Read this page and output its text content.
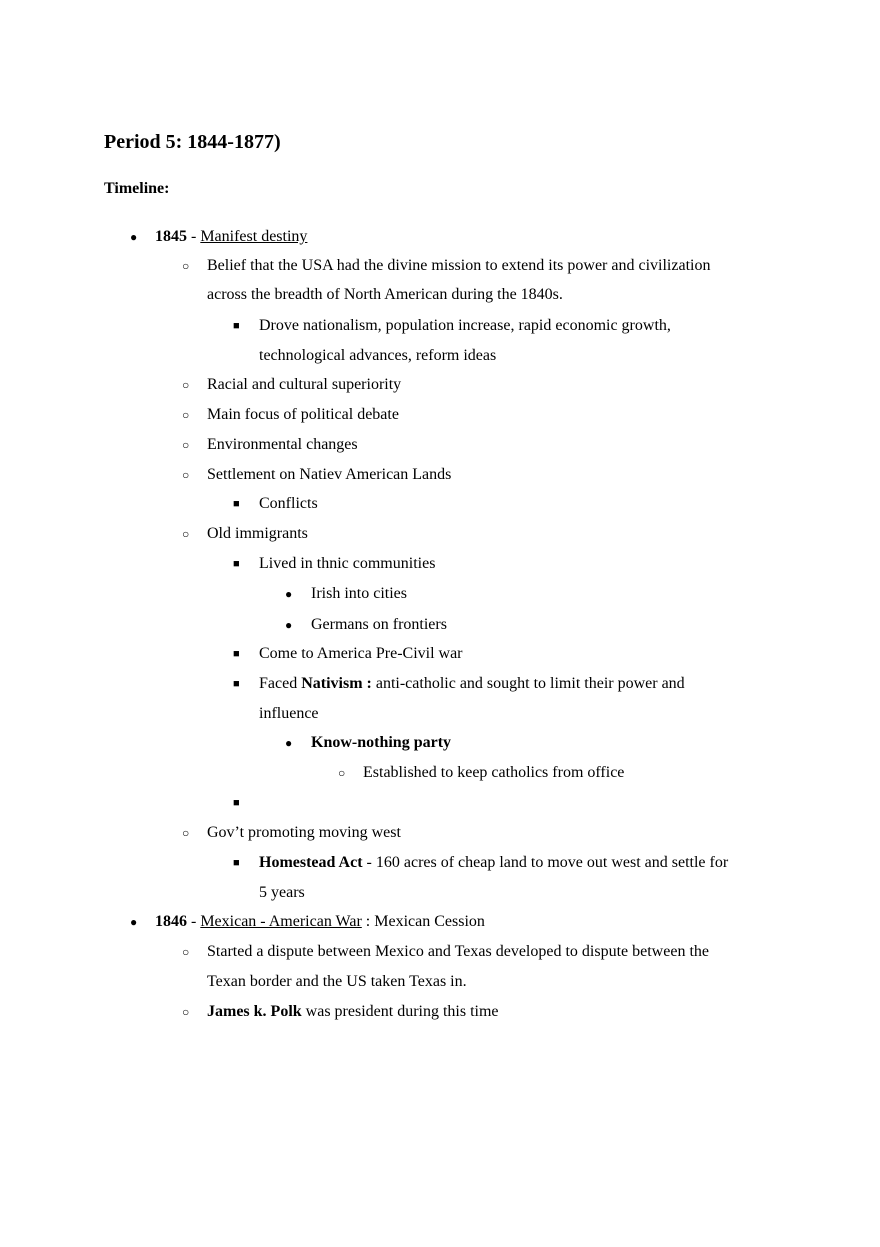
Period 5: 1844-1877)
Timeline:
●
1845 - Manifest destiny
○
Belief that the USA had the divine mission to extend its power and civilization
across the breadth of North American during the 1840s.
■
Drove nationalism, population increase, rapid economic growth,
technological advances, reform ideas
○
Racial and cultural superiority
○
Main focus of political debate
○
Environmental changes
○
Settlement on Natiev American Lands
■
Conflicts
○
Old immigrants
■
Lived in thnic communities
●
Irish into cities
●
Germans on frontiers
■
Come to America Pre-Civil war
■
Faced Nativism : anti-catholic and sought to limit their power and
influence
●
Know-nothing party
○
Established to keep catholics from office
■
○
Gov’t promoting moving west
■
Homestead Act - 160 acres of cheap land to move out west and settle for
5 years
●
1846 - Mexican - American War : Mexican Cession
○
Started a dispute between Mexico and Texas developed to dispute between the
Texan border and the US taken Texas in.
○
James k. Polk was president during this time
